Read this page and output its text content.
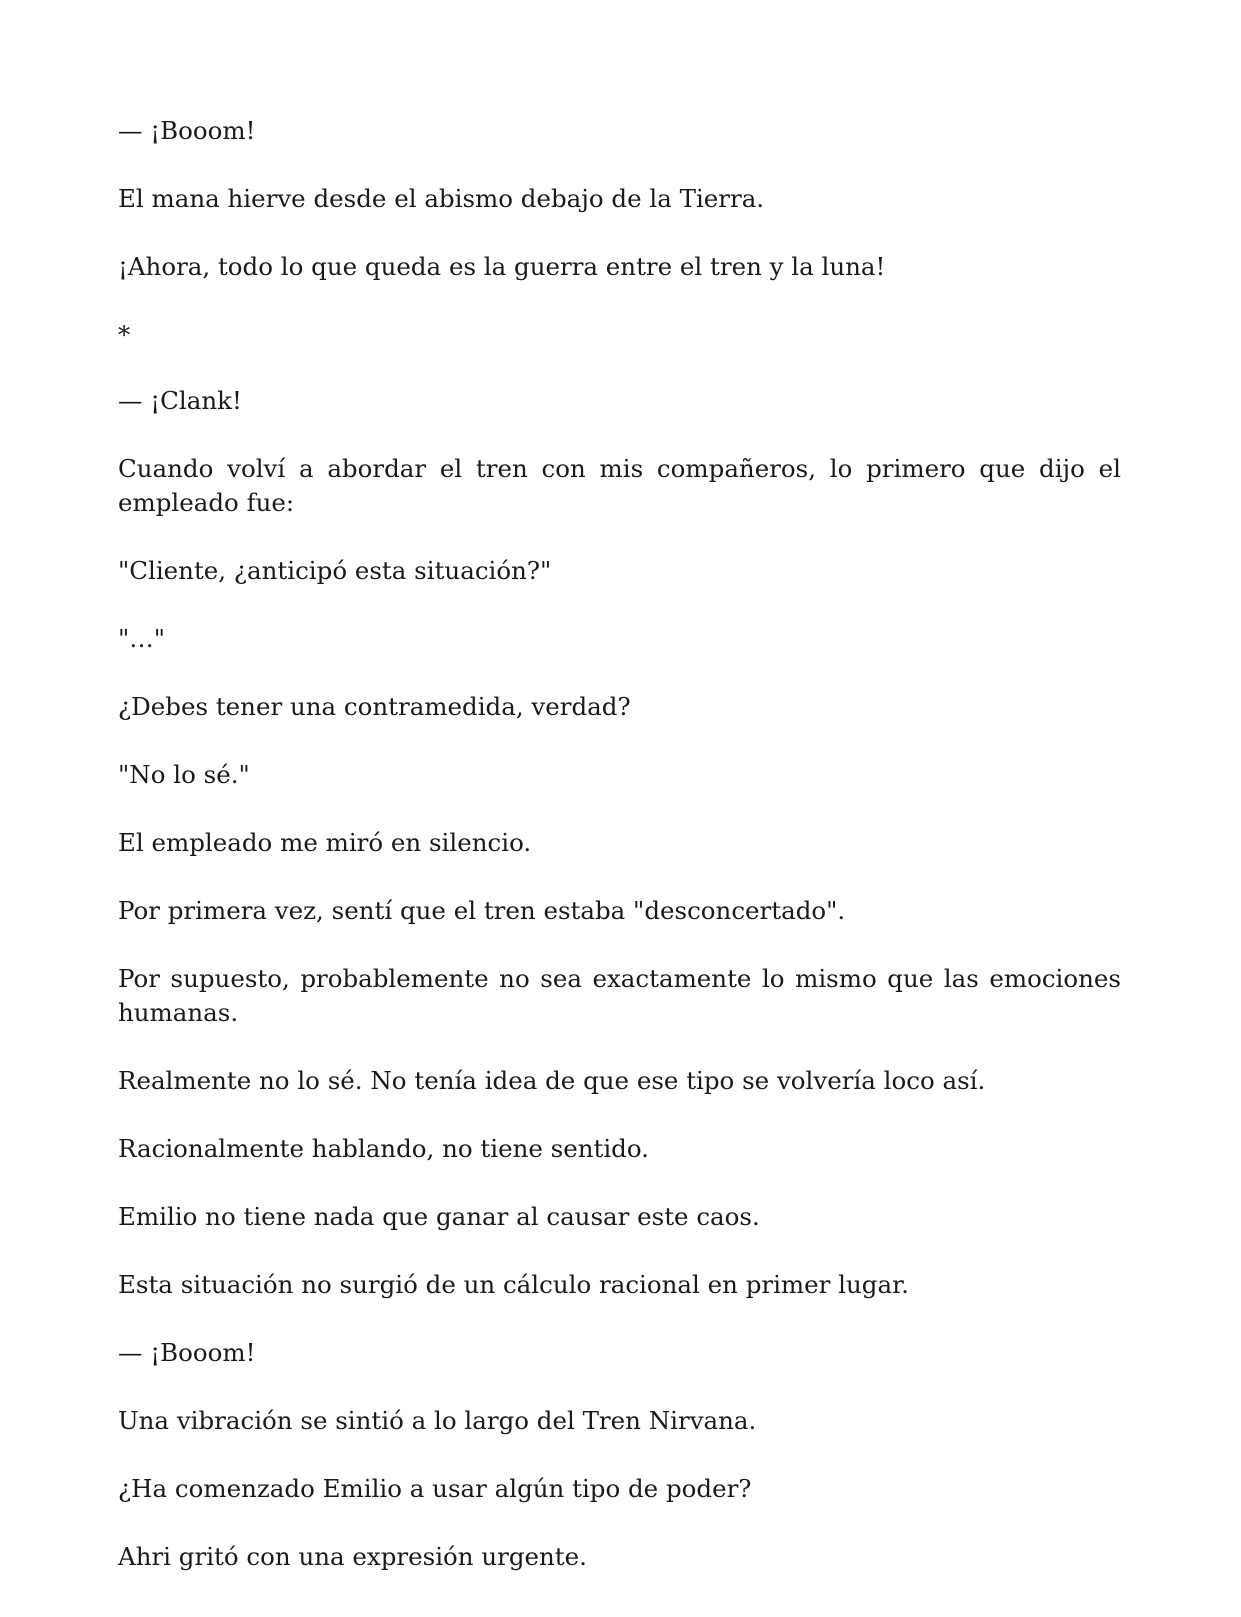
— ¡Booom!

El mana hierve desde el abismo debajo de la Tierra.

¡Ahora, todo lo que queda es la guerra entre el tren y la luna!

*

— ¡Clank!

Cuando volví a abordar el tren con mis compañeros, lo primero que dijo el empleado fue:

"Cliente, ¿anticipó esta situación?"

"…"

¿Debes tener una contramedida, verdad?

"No lo sé."

El empleado me miró en silencio.

Por primera vez, sentí que el tren estaba "desconcertado".

Por supuesto, probablemente no sea exactamente lo mismo que las emociones humanas.

Realmente no lo sé. No tenía idea de que ese tipo se volvería loco así.

Racionalmente hablando, no tiene sentido.

Emilio no tiene nada que ganar al causar este caos.

Esta situación no surgió de un cálculo racional en primer lugar.

— ¡Booom!

Una vibración se sintió a lo largo del Tren Nirvana.

¿Ha comenzado Emilio a usar algún tipo de poder?

Ahri gritó con una expresión urgente.
